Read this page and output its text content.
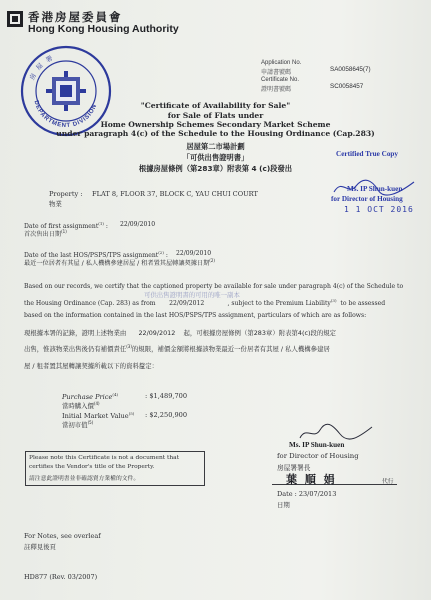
香港房屋委員會
Hong Kong Housing Authority
房 屋 署
DEPARTMENT DIVISION
Application No.
申請書號碼	SA0058645(7)
Certificate No.
證明書號碼	SC0058457
"Certificate of Availability for Sale"
for Sale of Flats under
Home Ownership Schemes Secondary Market Scheme
under paragraph 4(c) of the Schedule to the Housing Ordinance (Cap.283)
居屋第二市場計劃
「可供出售證明書」
根據房屋條例（第283章）附表第 4 (c)段發出
Certified True Copy
Ms. IP Shun-kuen
for Director of Housing
1 1 OCT 2016
Property :
物業
FLAT 8, FLOOR 37, BLOCK C, YAU CHUI COURT
Date of first assignment$^{(1)}$ :
首次售出日期$^{(1)}$
22/09/2010
Date of the last HOS/PSPS/TPS assignment$^{(2)}$ :
最近一位居者有其屋 / 私人機構參建居屋 / 租者置其屋轉讓契據日期$^{(2)}$
22/09/2010
Based on our records, we certify that the captioned property be available for sale under paragraph 4(c) of the Schedule to
可供出售證明書的可用的唯一副本
the Housing Ordinance (Cap. 283) as from 22/09/2012	, subject to the Premium Liability$^{(3)}$ to be assessed
based on the information contained in the last HOS/PSPS/TPS assignment, particulars of which are as follows:
現根據本署的記錄，證明上述物業由 22/09/2012 起，可根據房屋條例（第283章）附表第4(c)段的規定
出售，惟該物業出售後仍有補價責任$^{(3)}$的規限，補價金額將根據該物業最近一份居者有其屋 / 私人機構參建居
屋 / 租者置其屋轉讓契據所載以下的資料釐定：
Purchase Price$^{(4)}$
當時購入價$^{(4)}$
: $1,489,700
Initial Market Value$^{(5)}$
當初市值$^{(5)}$
: $2,250,900
Please note this Certificate is not a document that
certifies the Vendor's title of the Property.
請注意此證明書並非確認賣方業權的文件。
Ms. IP Shun-kuen
for Director of Housing
房屋署署長
葉 順 娟	代行
Date : 23/07/2013
日期
For Notes, see overleaf
註釋見後頁
HD877 (Rev. 03/2007)
